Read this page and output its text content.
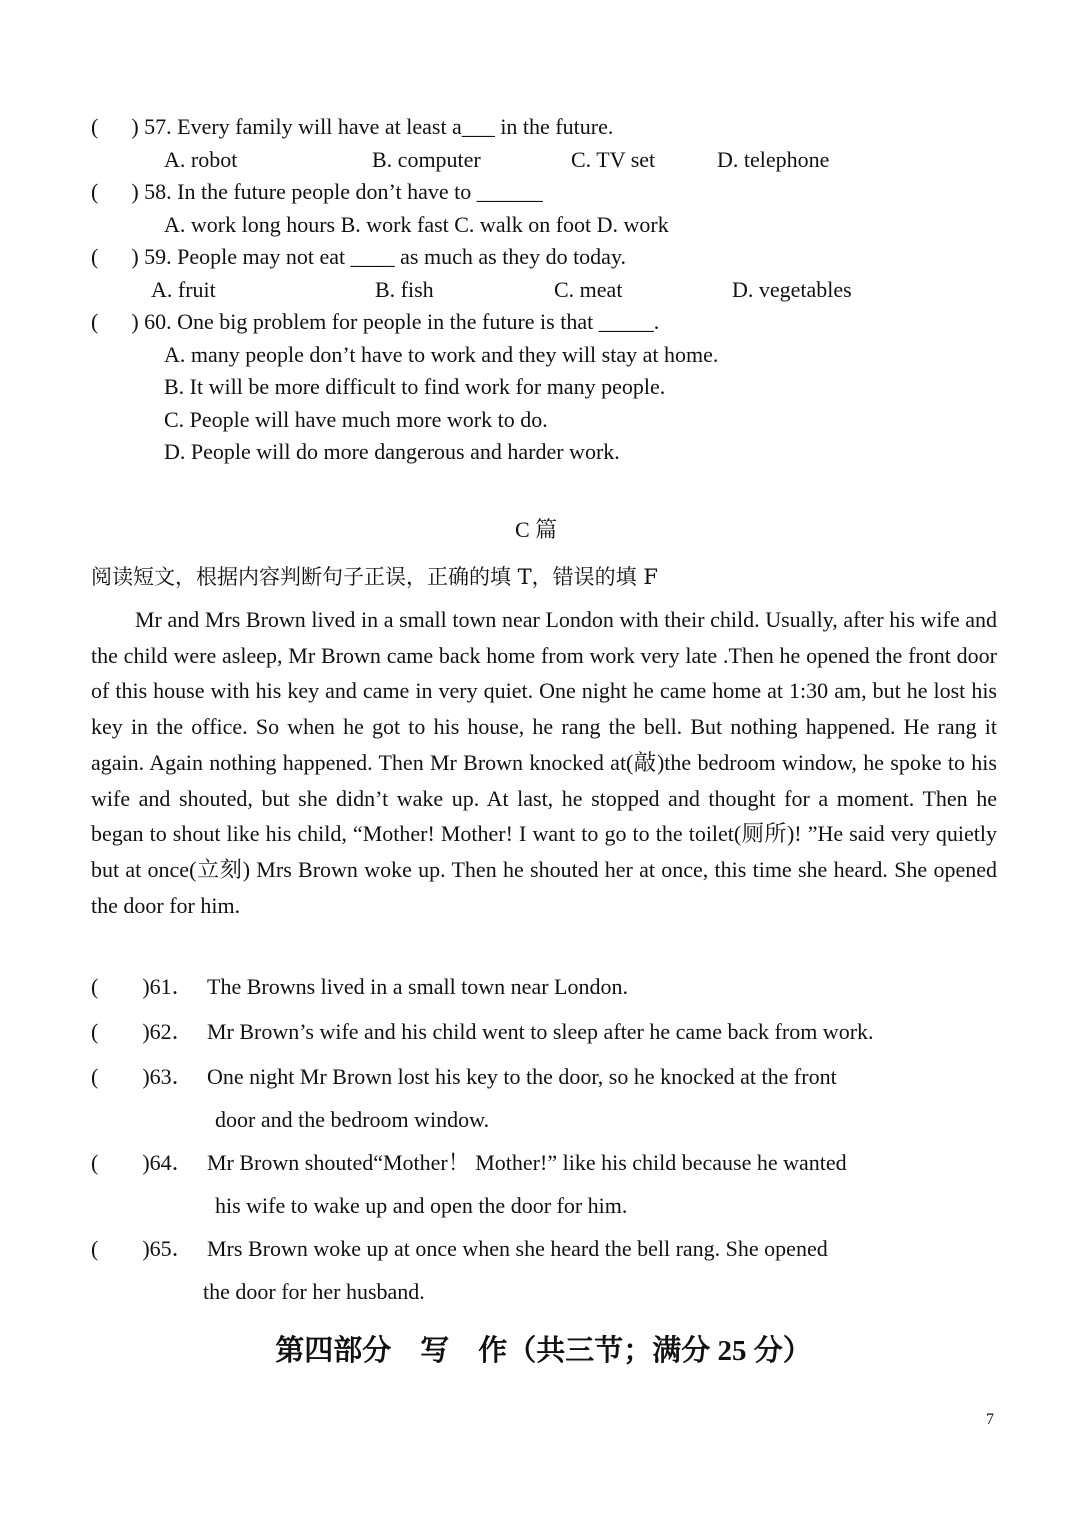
(      ) 57. Every family will have at least a___ in the future.
A. robot	B. computer	C. TV set	D. telephone
(      ) 58. In the future people don’t have to ______
A. work long hours B. work fast C. walk on foot D. work
(      ) 59. People may not eat ____ as much as they do today.
A. fruit	B. fish	C. meat	D. vegetables
(      ) 60. One big problem for people in the future is that _____.
A. many people don’t have to work and they will stay at home.
B. It will be more difficult to find work for many people.
C. People will have much more work to do.
D. People will do more dangerous and harder work.
C 篇
阅读短文，根据内容判断句子正误，正确的填 T，错误的填 F
Mr and Mrs Brown lived in a small town near London with their child. Usually, after his wife and the child were asleep, Mr Brown came back home from work very late .Then he opened the front door of this house with his key and came in very quiet. One night he came home at 1:30 am, but he lost his key in the office. So when he got to his house, he rang the bell. But nothing happened. He rang it again. Again nothing happened. Then Mr Brown knocked at(敲)the bedroom window, he spoke to his wife and shouted, but she didn’t wake up. At last, he stopped and thought for a moment. Then he began to shout like his child, “Mother! Mother! I want to go to the toilet(厕所)! ”He said very quietly but at once(立刻) Mrs Brown woke up. Then he shouted her at once, this time she heard. She opened the door for him.
(        )61． The Browns lived in a small town near London.
(        )62． Mr Brown’s wife and his child went to sleep after he came back from work.
(        )63． One night Mr Brown lost his key to the door, so he knocked at the front
door and the bedroom window.
(        )64． Mr Brown shouted“Mother！ Mother!” like his child because he wanted
his wife to wake up and open the door for him.
(        )65． Mrs Brown woke up at once when she heard the bell rang. She opened
the door for her husband.
第四部分    写    作（共三节；满分 25 分）
7
